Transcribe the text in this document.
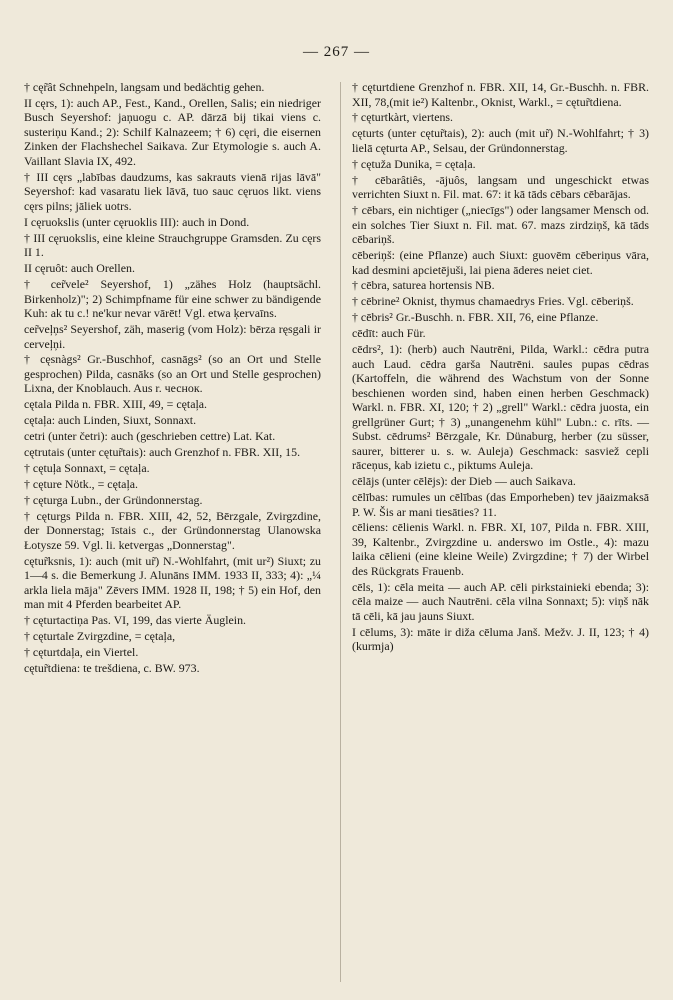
— 267 —
† cęr̃ât Schnehpeln, langsam und bedächtig gehen.
II cęrs, 1): auch AP., Fest., Kand., Orellen, Salis; ein niedriger Busch Seyershof: jaņuogu c. AP. dārzā bij tikai viens c. susteriņu Kand.; 2): Schilf Kalnazeem; † 6) cęri, die eisernen Zinken der Flachshechel Saikava. Zur Etymologie s. auch A. Vaillant Slavia IX, 492.
† III cęrs „labības daudzums, kas sakrauts vienā rijas lāvā" Seyershof: kad vasaratu liek lāvā, tuo sauc cęruos likt. viens cęrs pilns; jāliek uotrs.
I cęruokslis (unter cęruoklis III): auch in Dond.
† III cęruokslis, eine kleine Strauchgruppe Gramsden. Zu cęrs II 1.
II cęruôt: auch Orellen.
† cer̃vele² Seyershof, 1) „zähes Holz (hauptsächl. Birkenholz)"; 2) Schimpfname für eine schwer zu bändigende Kuh: ak tu c.! ne'kur nevar vārēt! Vgl. etwa ķervaīns.
cer̃veļņs² Seyershof, zäh, maserig (vom Holz): bērza ręsgali ir cerveļņi.
† cęsnàgs² Gr.-Buschhof, casnāgs² (so an Ort und Stelle gesprochen) Pilda, casnāks (so an Ort und Stelle gesprochen) Lixna, der Knoblauch. Aus r. чеснок.
cętala Pilda n. FBR. XIII, 49, = cętaļa.
cętaļa: auch Linden, Siuxt, Sonnaxt.
cetri (unter četri): auch (geschrieben cettre) Lat. Kat.
cętrutais (unter cętur̃tais): auch Grenzhof n. FBR. XII, 15.
† cętuļa Sonnaxt, = cętaļa.
† cęture Nötk., = cętaļa.
† cęturga Lubn., der Gründonnerstag.
† cęturgs Pilda n. FBR. XIII, 42, 52, Bērzgale, Zvirgzdine, der Donnerstag; īstais c., der Gründonnerstag Ulanowska Łotysze 59. Vgl. li. ketvergas „Donnerstag".
cętur̃ksnis, 1): auch (mit ur̃) N.-Wohlfahrt, (mit ur²) Siuxt; zu 1—4 s. die Bemerkung J. Alunāns IMM. 1933 II, 333; 4): „¼ arklа liela māja" Zēvers IMM. 1928 II, 198; † 5) ein Hof, den man mit 4 Pferden bearbeitet AP.
† cęturtactiņa Pas. VI, 199, das vierte Äuglein.
† cęturtale Zvirgzdine, = cętaļa,
† cęturtdaļa, ein Viertel.
cętur̃tdiena: te trešdiena, c. BW. 973.
† cęturtdiene Grenzhof n. FBR. XII, 14, Gr.-Buschh. n. FBR. XII, 78,(mit ie²) Kaltenbr., Oknist, Warkl., = cętur̃tdiena.
† cęturtkàrt, viertens.
cęturts (unter cętur̃tais), 2): auch (mit ur̃) N.-Wohlfahrt; † 3) lielā cęturta AP., Selsau, der Gründonnerstag.
† cętuža Dunika, = cętaļa.
† cēbarâtiês, -ājuôs, langsam und ungeschickt etwas verrichten Siuxt n. Fil. mat. 67: it kā tāds cēbars cēbarājas.
† cēbars, ein nichtiger („niecīgs") oder langsamer Mensch od. ein solches Tier Siuxt n. Fil. mat. 67. mazs zirdziņš, kā tāds cēbariņš.
cēberiņš: (eine Pflanze) auch Siuxt: guovēm cēberiņus vāra, kad desmini apcietējuši, lai piena āderes neiet ciet.
† cēbra, saturea hortensis NB.
† cēbrine² Oknist, thymus chamaedrys Fries. Vgl. cēberiņš.
† cēbris² Gr.-Buschh. n. FBR. XII, 76, eine Pflanze.
cēdīt: auch Für.
cēdrs², 1): (herb) auch Nautrēni, Pilda, Warkl.: cēdra putra auch Laud. cēdra garša Nautrēni. saules pupas cēdras (Kartoffeln, die während des Wachstum von der Sonne beschienen worden sind, haben einen herben Geschmack) Warkl. n. FBR. XI, 120; † 2) „grell" Warkl.: cēdra juosta, ein grellgrüner Gurt; † 3) „unangenehm kühl" Lubn.: c. rīts. — Subst. cēdrums² Bērzgale, Kr. Dünaburg, herber (zu süsser, saurer, bitterer u. s. w. Auleja) Geschmack: sasviež cepli rāceņus, kab izietu c., piktums Auleja.
cēlājs (unter cēlējs): der Dieb — auch Saikava.
cēlības: rumules un cēlības (das Emporheben) tev jāaizmaksā P. W. Šis ar mani tiesāties? 11.
cēliens: cēlienis Warkl. n. FBR. XI, 107, Pilda n. FBR. XIII, 39, Kaltenbr., Zvirgzdine u. anderswo im Ostle., 4): mazu laika cēlieni (eine kleine Weile) Zvirgzdine; † 7) der Wirbel des Rückgrats Frauenb.
cēls, 1): cēla meita — auch AP. cēli pirkstainieki ebenda; 3): cēla maize — auch Nautrēni. cēla vilna Sonnaxt; 5): viņš nāk tā cēli, kā jau jauns Siuxt.
I cēlums, 3): māte ir diža cēluma Janš. Mežv. J. II, 123; † 4) (kurmja)
